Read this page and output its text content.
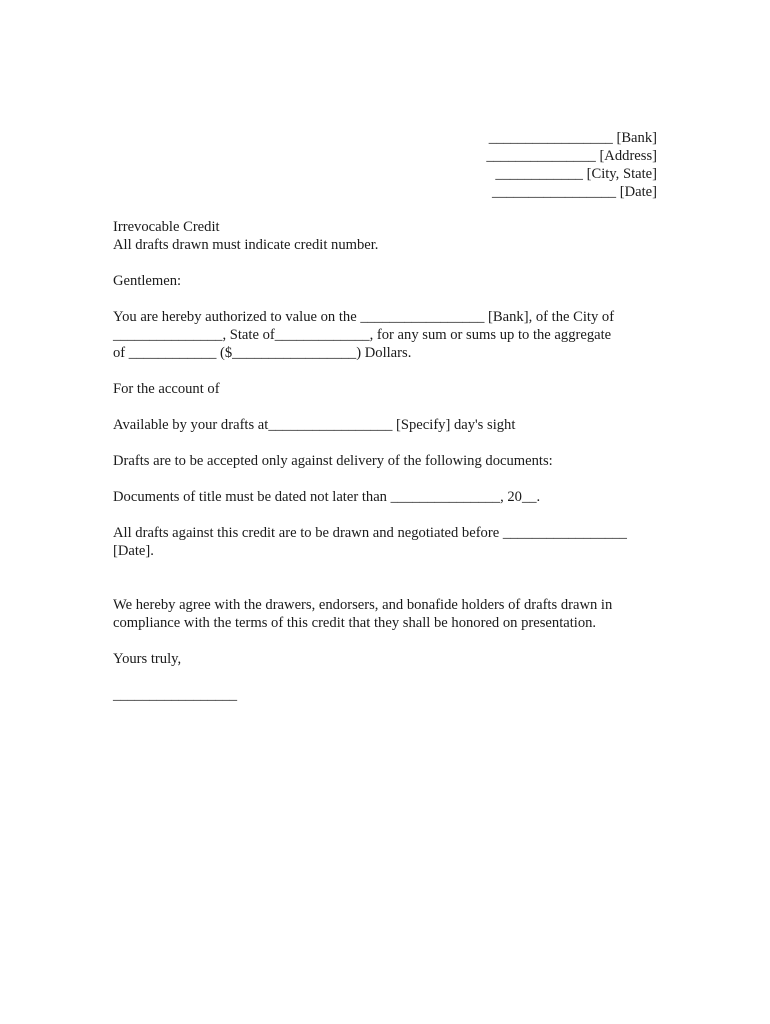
_________________ [Bank]
_______________ [Address]
____________ [City, State]
_________________ [Date]
Irrevocable Credit
All drafts drawn must indicate credit number.
Gentlemen:
You are hereby authorized to value on the _________________ [Bank], of the City of
_______________, State of_____________, for any sum or sums up to the aggregate
of ____________ ($_________________) Dollars.
For the account of
Available by your drafts at_________________ [Specify] day's sight
Drafts are to be accepted only against delivery of the following documents:
Documents of title must be dated not later than _______________, 20__.
All drafts against this credit are to be drawn and negotiated before _________________
[Date].
We hereby agree with the drawers, endorsers, and bonafide holders of drafts drawn in
compliance with the terms of this credit that they shall be honored on presentation.
Yours truly,
_________________
